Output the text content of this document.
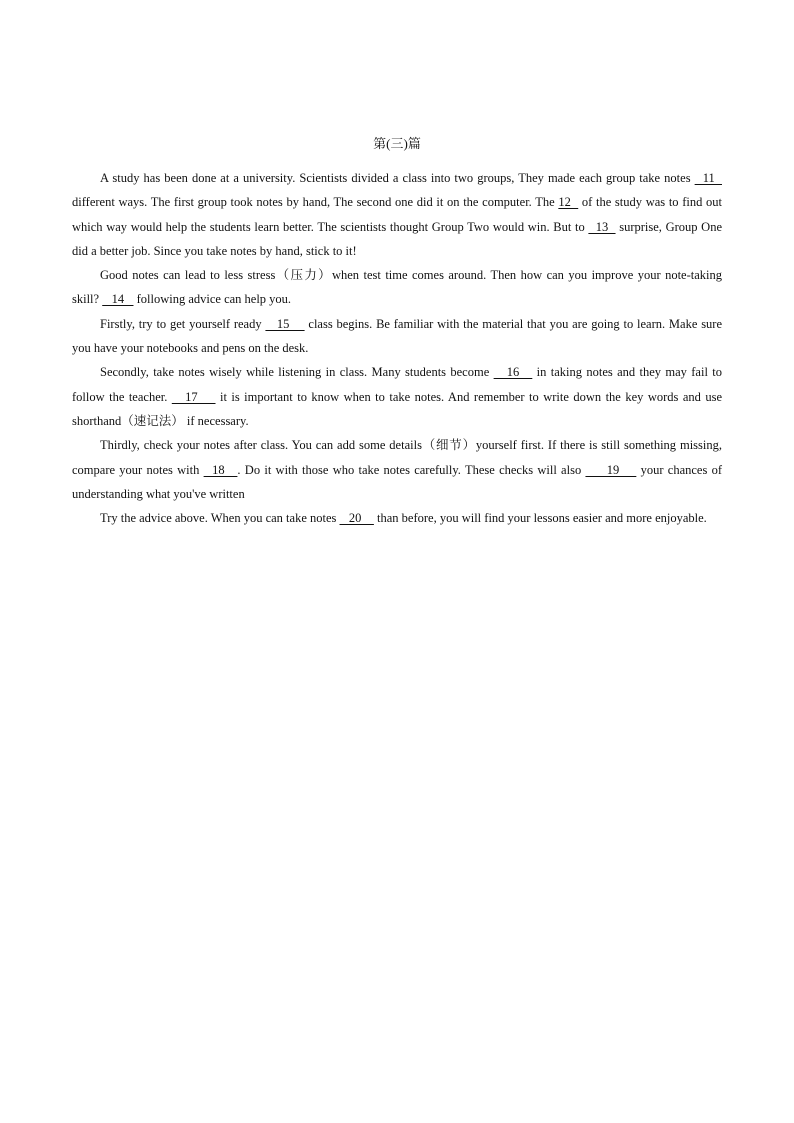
第(三)篇

A study has been done at a university. Scientists divided a class into two groups, They made each group take notes   11   different ways. The first group took notes by hand, The second one did it on the computer. The 12   of the study was to find out which way would help the students learn better. The scientists thought Group Two would win. But to   13   surprise, Group One did a better job. Since you take notes by hand, stick to it!

Good notes can lead to less stress（压力）when test time comes around. Then how can you improve your note-taking skill?    14    following advice can help you.

Firstly, try to get yourself ready    15     class begins. Be familiar with the material that you are going to learn. Make sure you have your notebooks and pens on the desk.

Secondly, take notes wisely while listening in class. Many students become    16    in taking notes and they may fail to follow the teacher.    17     it is important to know when to take notes. And remember to write down the key words and use shorthand（速记法） if necessary.

Thirdly, check your notes after class. You can add some details（细节）yourself first. If there is still something missing, compare your notes with   18   . Do it with those who take notes carefully. These checks will also      19     your chances of understanding what you've written

Try the advice above. When you can take notes    20     than before, you will find your lessons easier and more enjoyable.
